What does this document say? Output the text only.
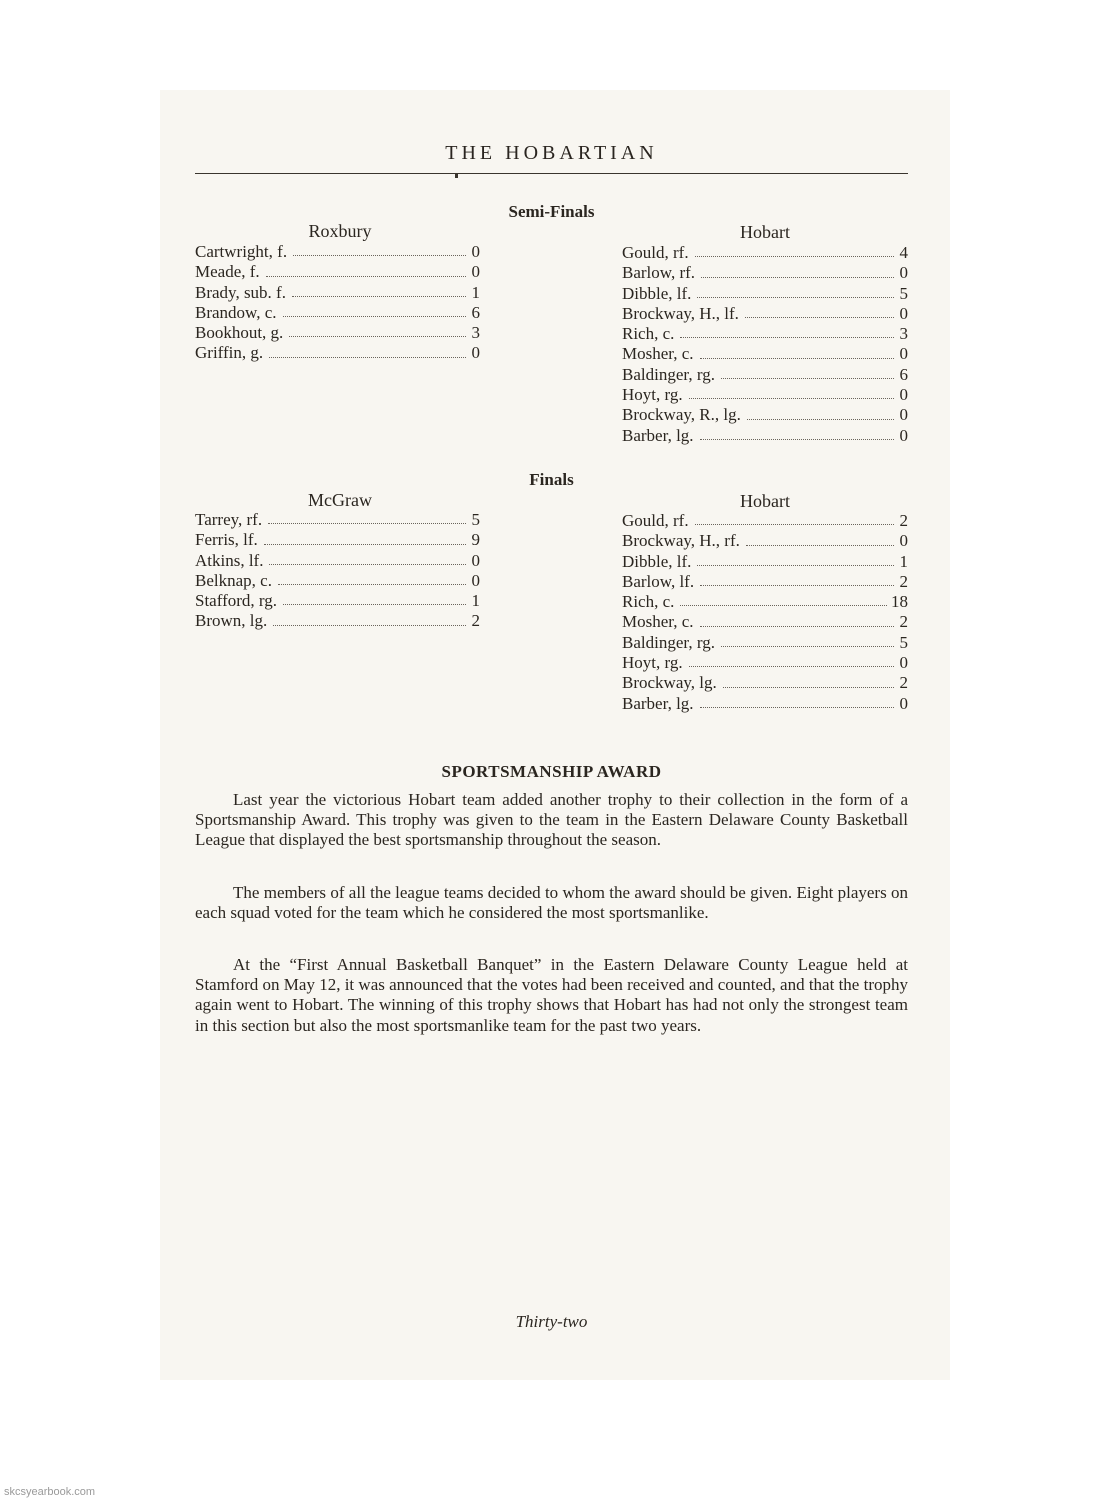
THE HOBARTIAN
Semi-Finals
Roxbury	Hobart
Cartwright, f.	0
Meade, f.	0
Brady, sub. f.	1
Brandow, c.	6
Bookhout, g.	3
Griffin, g.	0
Gould, rf.	4
Barlow, rf.	0
Dibble, lf.	5
Brockway, H., lf.	0
Rich, c.	3
Mosher, c.	0
Baldinger, rg.	6
Hoyt, rg.	0
Brockway, R., lg.	0
Barber, lg.	0
Finals
McGraw	Hobart
Tarrey, rf.	5
Ferris, lf.	9
Atkins, lf.	0
Belknap, c.	0
Stafford, rg.	1
Brown, lg.	2
Gould, rf.	2
Brockway, H., rf.	0
Dibble, lf.	1
Barlow, lf.	2
Rich, c.	18
Mosher, c.	2
Baldinger, rg.	5
Hoyt, rg.	0
Brockway, lg.	2
Barber, lg.	0
SPORTSMANSHIP AWARD

Last year the victorious Hobart team added another trophy to their collection in the form of a Sportsmanship Award. This trophy was given to the team in the Eastern Delaware County Basketball League that displayed the best sportsmanship throughout the season.

The members of all the league teams decided to whom the award should be given. Eight players on each squad voted for the team which he considered the most sportsmanlike.

At the “First Annual Basketball Banquet” in the Eastern Delaware County League held at Stamford on May 12, it was announced that the votes had been received and counted, and that the trophy again went to Hobart. The winning of this trophy shows that Hobart has had not only the strongest team in this section but also the most sportsmanlike team for the past two years.

Thirty-two
skcsyearbook.com
